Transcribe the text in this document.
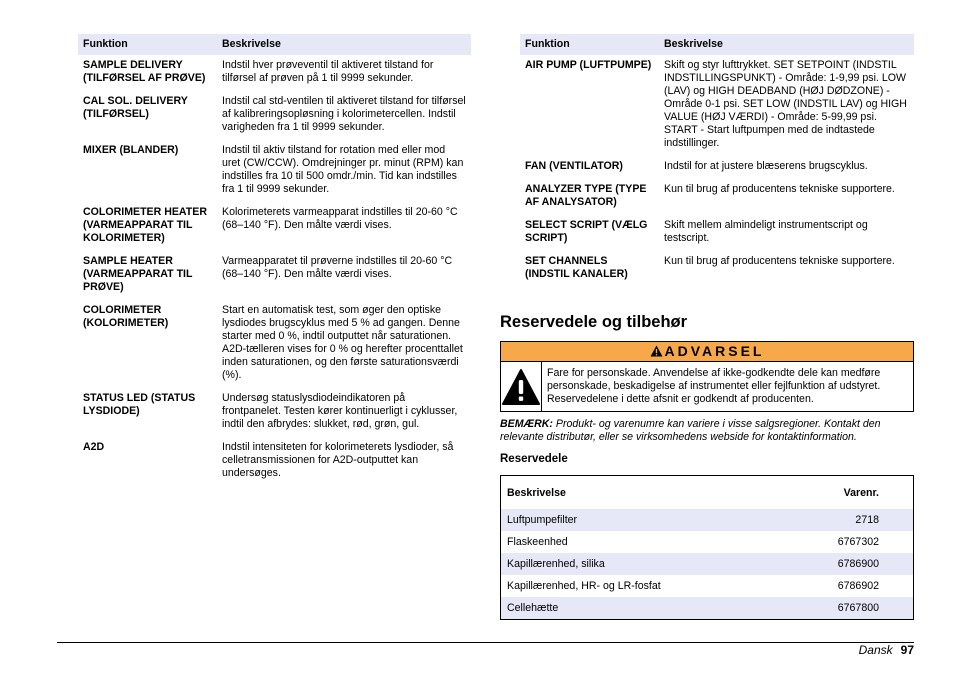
Funktion	Beskrivelse
SAMPLE DELIVERY (TILFØRSEL AF PRØVE)	Indstil hver prøveventil til aktiveret tilstand for tilførsel af prøven på 1 til 9999 sekunder.
CAL SOL. DELIVERY (TILFØRSEL)	Indstil cal std-ventilen til aktiveret tilstand for tilførsel af kalibreringsopløsning i kolorimetercellen. Indstil varigheden fra 1 til 9999 sekunder.
MIXER (BLANDER)	Indstil til aktiv tilstand for rotation med eller mod uret (CW/CCW). Omdrejninger pr. minut (RPM) kan indstilles fra 10 til 500 omdr./min. Tid kan indstilles fra 1 til 9999 sekunder.
COLORIMETER HEATER (VARMEAPPARAT TIL KOLORIMETER)	Kolorimeterets varmeapparat indstilles til 20-60 °C (68–140 °F). Den målte værdi vises.
SAMPLE HEATER (VARMEAPPARAT TIL PRØVE)	Varmeapparatet til prøverne indstilles til 20-60 °C (68–140 °F). Den målte værdi vises.
COLORIMETER (KOLORIMETER)	Start en automatisk test, som øger den optiske lysdiodes brugscyklus med 5 % ad gangen. Denne starter med 0 %, indtil outputtet når saturationen. A2D-tælleren vises for 0 % og herefter procenttallet inden saturationen, og den første saturationsværdi (%).
STATUS LED (STATUS LYSDIODE)	Undersøg statuslysdiodeindikatoren på frontpanelet. Testen kører kontinuerligt i cyklusser, indtil den afbrydes: slukket, rød, grøn, gul.
A2D	Indstil intensiteten for kolorimeterets lysdioder, så celletransmissionen for A2D-outputtet kan undersøges.
Funktion	Beskrivelse
AIR PUMP (LUFTPUMPE)	Skift og styr lufttrykket. SET SETPOINT (INDSTIL INDSTILLINGSPUNKT) - Område: 1-9,99 psi. LOW (LAV) og HIGH DEADBAND (HØJ DØDZONE) - Område 0-1 psi. SET LOW (INDSTIL LAV) og HIGH VALUE (HØJ VÆRDI) - Område: 5-99,99 psi. START - Start luftpumpen med de indtastede indstillinger.
FAN (VENTILATOR)	Indstil for at justere blæserens brugscyklus.
ANALYZER TYPE (TYPE AF ANALYSATOR)	Kun til brug af producentens tekniske supportere.
SELECT SCRIPT (VÆLG SCRIPT)	Skift mellem almindeligt instrumentscript og testscript.
SET CHANNELS (INDSTIL KANALER)	Kun til brug af producentens tekniske supportere.
Reservedele og tilbehør
ADVARSEL
Fare for personskade. Anvendelse af ikke-godkendte dele kan medføre personskade, beskadigelse af instrumentet eller fejlfunktion af udstyret. Reservedelene i dette afsnit er godkendt af producenten.
BEMÆRK: Produkt- og varenumre kan variere i visse salgsregioner. Kontakt den relevante distributør, eller se virksomhedens webside for kontaktinformation.
Reservedele
Beskrivelse	Varenr.
Luftpumpefilter	2718
Flaskeenhed	6767302
Kapillærenhed, silika	6786900
Kapillærenhed, HR- og LR-fosfat	6786902
Cellehætte	6767800
Dansk 97
